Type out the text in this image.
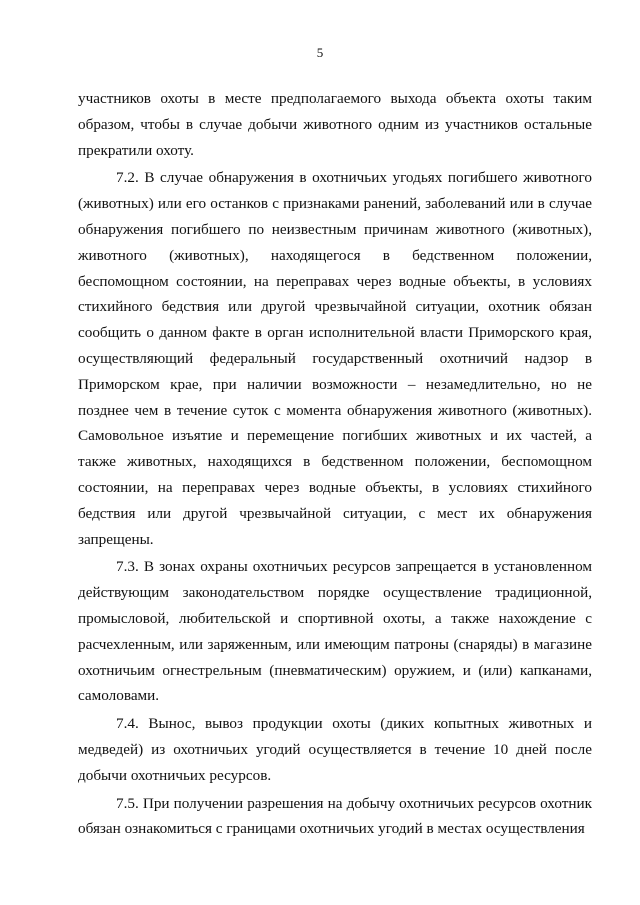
5

участников охоты в месте предполагаемого выхода объекта охоты таким образом, чтобы в случае добычи животного одним из участников остальные прекратили охоту.

7.2. В случае обнаружения в охотничьих угодьях погибшего животного (животных) или его останков с признаками ранений, заболеваний или в случае обнаружения погибшего по неизвестным причинам животного (животных), животного (животных), находящегося в бедственном положении, беспомощном состоянии, на переправах через водные объекты, в условиях стихийного бедствия или другой чрезвычайной ситуации, охотник обязан сообщить о данном факте в орган исполнительной власти Приморского края, осуществляющий федеральный государственный охотничий надзор в Приморском крае, при наличии возможности – незамедлительно, но не позднее чем в течение суток с момента обнаружения животного (животных). Самовольное изъятие и перемещение погибших животных и их частей, а также животных, находящихся в бедственном положении, беспомощном состоянии, на переправах через водные объекты, в условиях стихийного бедствия или другой чрезвычайной ситуации, с мест их обнаружения запрещены.

7.3. В зонах охраны охотничьих ресурсов запрещается в установленном действующим законодательством порядке осуществление традиционной, промысловой, любительской и спортивной охоты, а также нахождение с расчехленным, или заряженным, или имеющим патроны (снаряды) в магазине охотничьим огнестрельным (пневматическим) оружием, и (или) капканами, самоловами.

7.4. Вынос, вывоз продукции охоты (диких копытных животных и медведей) из охотничьих угодий осуществляется в течение 10 дней после добычи охотничьих ресурсов.

7.5. При получении разрешения на добычу охотничьих ресурсов охотник обязан ознакомиться с границами охотничьих угодий в местах осуществления
